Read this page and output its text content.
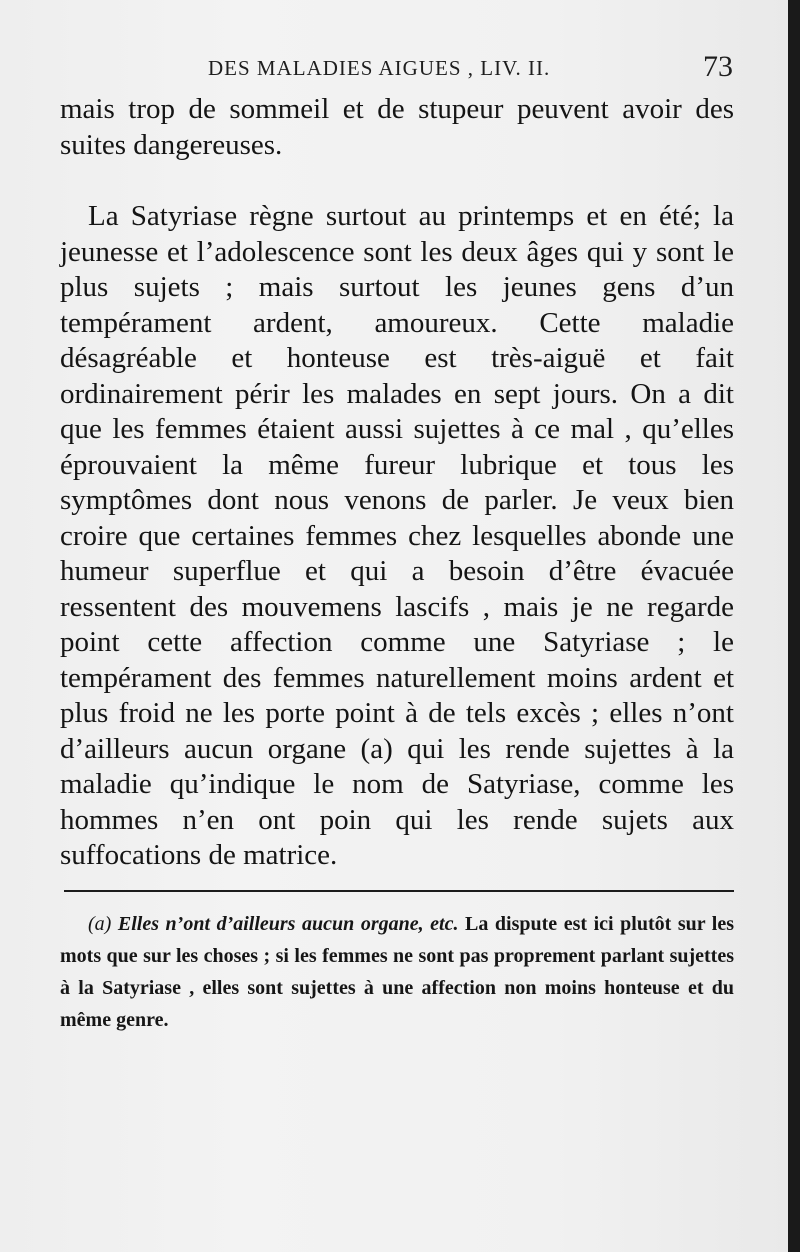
DES MALADIES AIGUES , LIV. II.	73

mais trop de sommeil et de stupeur peuvent avoir des suites dangereuses.

La Satyriase règne surtout au printemps et en été; la jeunesse et l’adolescence sont les deux âges qui y sont le plus sujets ; mais surtout les jeunes gens d’un tempérament ardent, amoureux. Cette maladie désagréable et honteuse est très-aiguë et fait ordinairement périr les malades en sept jours. On a dit que les femmes étaient aussi sujettes à ce mal , qu’elles éprouvaient la même fureur lubrique et tous les symptômes dont nous venons de parler. Je veux bien croire que certaines femmes chez lesquelles abonde une humeur superflue et qui a besoin d’être évacuée ressentent des mouvemens lascifs , mais je ne regarde point cette affection comme une Satyriase ; le tempérament des femmes naturellement moins ardent et plus froid ne les porte point à de tels excès ; elles n’ont d’ailleurs aucun organe (a) qui les rende sujettes à la maladie qu’indique le nom de Satyriase, comme les hommes n’en ont poin qui les rende sujets aux suffocations de matrice.

(a) Elles n’ont d’ailleurs aucun organe, etc. La dispute est ici plutôt sur les mots que sur les choses ; si les femmes ne sont pas proprement parlant sujettes à la Satyriase , elles sont sujettes à une affection non moins honteuse et du même genre.
